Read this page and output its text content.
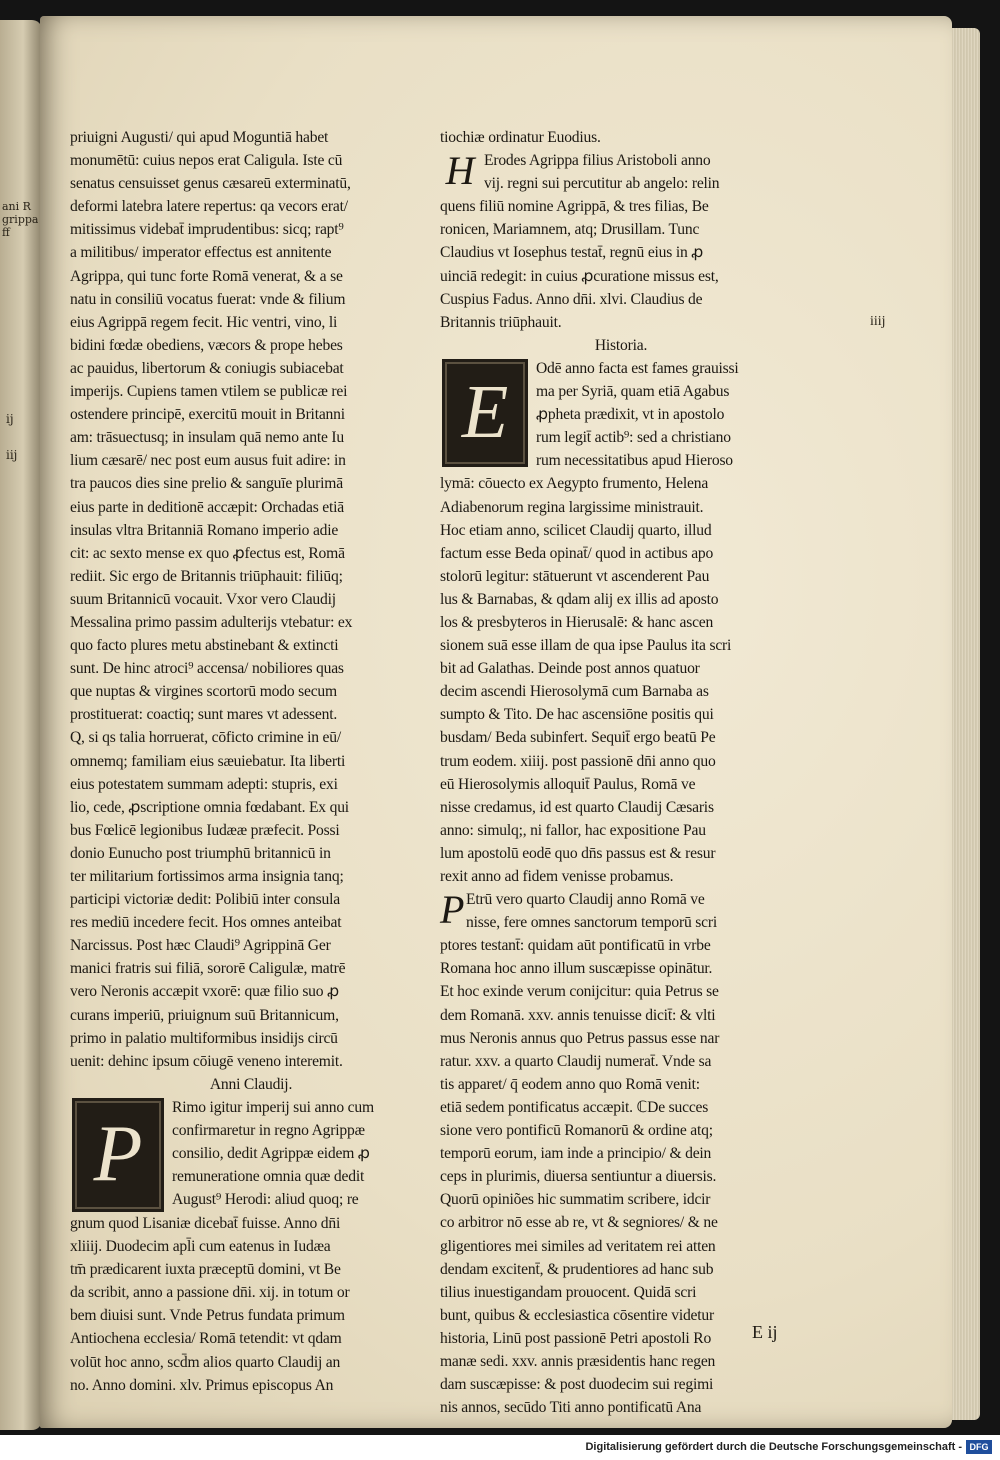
ani R
grippa
ff
ij
iij
priuigni Augusti/ qui apud Moguntiā habet
monumētū: cuius nepos erat Caligula. Iste cū
senatus censuisset genus cæsareū exterminatū,
deformi latebra latere repertus: qa vecors erat/
mitissimus videbat̄ imprudentibus: sicq; rapt⁹
a militibus/ imperator effectus est annitente
Agrippa, qui tunc forte Romā venerat, & a se
natu in consiliū vocatus fuerat: vnde & filium
eius Agrippā regem fecit. Hic ventri, vino, li
bidini fœdæ obediens, væcors & prope hebes
ac pauidus, libertorum & coniugis subiacebat
imperijs. Cupiens tamen vtilem se publicæ rei
ostendere principē, exercitū mouit in Britanni
am: trāsuectusq; in insulam quā nemo ante Iu
lium cæsarē/ nec post eum ausus fuit adire: in
tra paucos dies sine prelio & sanguīe plurimā
eius parte in deditionē accæpit: Orchadas etiā
insulas vltra Britanniā Romano imperio adie
cit: ac sexto mense ex quo ꝓfectus est, Romā
rediit. Sic ergo de Britannis triūphauit: filiūq;
suum Britannicū vocauit. Vxor vero Claudij
Messalina primo passim adulterijs vtebatur: ex
quo facto plures metu abstinebant & extincti
sunt. De hinc atroci⁹ accensa/ nobiliores quas
que nuptas & virgines scortorū modo secum
prostituerat: coactiq; sunt mares vt adessent.
Q, si qs talia horruerat, cōficto crimine in eū/
omnemq; familiam eius sæuiebatur. Ita liberti
eius potestatem summam adepti: stupris, exi
lio, cede, ꝓscriptione omnia fœdabant. Ex qui
bus Fœlicē legionibus Iudææ præfecit. Possi
donio Eunucho post triumphū britannicū in
ter militarium fortissimos arma insignia tanq;
participi victoriæ dedit: Polibiū inter consula
res mediū incedere fecit. Hos omnes anteibat
Narcissus. Post hæc Claudi⁹ Agrippinā Ger
manici fratris sui filiā, sororē Caligulæ, matrē
vero Neronis accæpit vxorē: quæ filio suo ꝓ
curans imperiū, priuignum suū Britannicum,
primo in palatio multiformibus insidijs circū
uenit: dehinc ipsum cōiugē veneno interemit.
Anni Claudij.
P
Rimo igitur imperij sui anno cum
confirmaretur in regno Agrippæ
consilio, dedit Agrippæ eidem ꝓ
remuneratione omnia quæ dedit
August⁹ Herodi: aliud quoq; re
gnum quod Lisaniæ dicebat̄ fuisse. Anno dn̄i
xliiij. Duodecim apl̄i cum eatenus in Iudæa
tm̄ prædicarent iuxta præceptū domini, vt Be
da scribit, anno a passione dn̄i. xij. in totum or
bem diuisi sunt. Vnde Petrus fundata primum
Antiochena ecclesia/ Romā tetendit: vt qdam
volūt hoc anno, scd̄m alios quarto Claudij an
no. Anno domini. xlv. Primus episcopus An
tiochiæ ordinatur Euodius.
H Erodes Agrippa filius Aristoboli anno
vij. regni sui percutitur ab angelo: relin
quens filiū nomine Agrippā, & tres filias, Be
ronicen, Mariamnem, atq; Drusillam. Tunc
Claudius vt Iosephus testat̄, regnū eius in ꝓ
uinciā redegit: in cuius ꝓcuratione missus est,
Cuspius Fadus. Anno dn̄i. xlvi. Claudius de
Britannis triūphauit.
Historia.
E
Odē anno facta est fames grauissi
ma per Syriā, quam etiā Agabus
ꝓpheta prædixit, vt in apostolo
rum legit̄ actib⁹: sed a christiano
rum necessitatibus apud Hieroso
lymā: cōuecto ex Aegypto frumento, Helena
Adiabenorum regina largissime ministrauit.
Hoc etiam anno, scilicet Claudij quarto, illud
factum esse Beda opinat̄/ quod in actibus apo
stolorū legitur: stātuerunt vt ascenderent Pau
lus & Barnabas, & qdam alij ex illis ad aposto
los & presbyteros in Hierusalē: & hanc ascen
sionem suā esse illam de qua ipse Paulus ita scri
bit ad Galathas. Deinde post annos quatuor
decim ascendi Hierosolymā cum Barnaba as
sumpto & Tito. De hac ascensiōne positis qui
busdam/ Beda subinfert. Sequit̄ ergo beatū Pe
trum eodem. xiiij. post passionē dn̄i anno quo
eū Hierosolymis alloquit̄ Paulus, Romā ve
nisse credamus, id est quarto Claudij Cæsaris
anno: simulq;, ni fallor, hac expositione Pau
lum apostolū eodē quo dn̄s passus est & resur
rexit anno ad fidem venisse probamus.
P Etrū vero quarto Claudij anno Romā ve
nisse, fere omnes sanctorum temporū scri
ptores testant̄: quidam aūt pontificatū in vrbe
Romana hoc anno illum suscæpisse opinātur.
Et hoc exinde verum conijcitur: quia Petrus se
dem Romanā. xxv. annis tenuisse dicit̄: & vlti
mus Neronis annus quo Petrus passus esse nar
ratur. xxv. a quarto Claudij numerat̄. Vnde sa
tis apparet/ q̄ eodem anno quo Romā venit:
etiā sedem pontificatus accæpit. ℂDe succes
sione vero pontificū Romanorū & ordine atq;
temporū eorum, iam inde a principio/ & dein
ceps in plurimis, diuersa sentiuntur a diuersis.
Quorū opiniões hic summatim scribere, idcir
co arbitror nō esse ab re, vt & segniores/ & ne
gligentiores mei similes ad veritatem rei atten
dendam excitent̄, & prudentiores ad hanc sub
tilius inuestigandam prouocent. Quidā scri
bunt, quibus & ecclesiastica cōsentire videtur
historia, Linū post passionē Petri apostoli Ro
manæ sedi. xxv. annis præsidentis hanc regen
dam suscæpisse: & post duodecim sui regimi
nis annos, secūdo Titi anno pontificatū Ana
iiij
E ij
Digitalisierung gefördert durch die Deutsche Forschungsgemeinschaft - DFG
